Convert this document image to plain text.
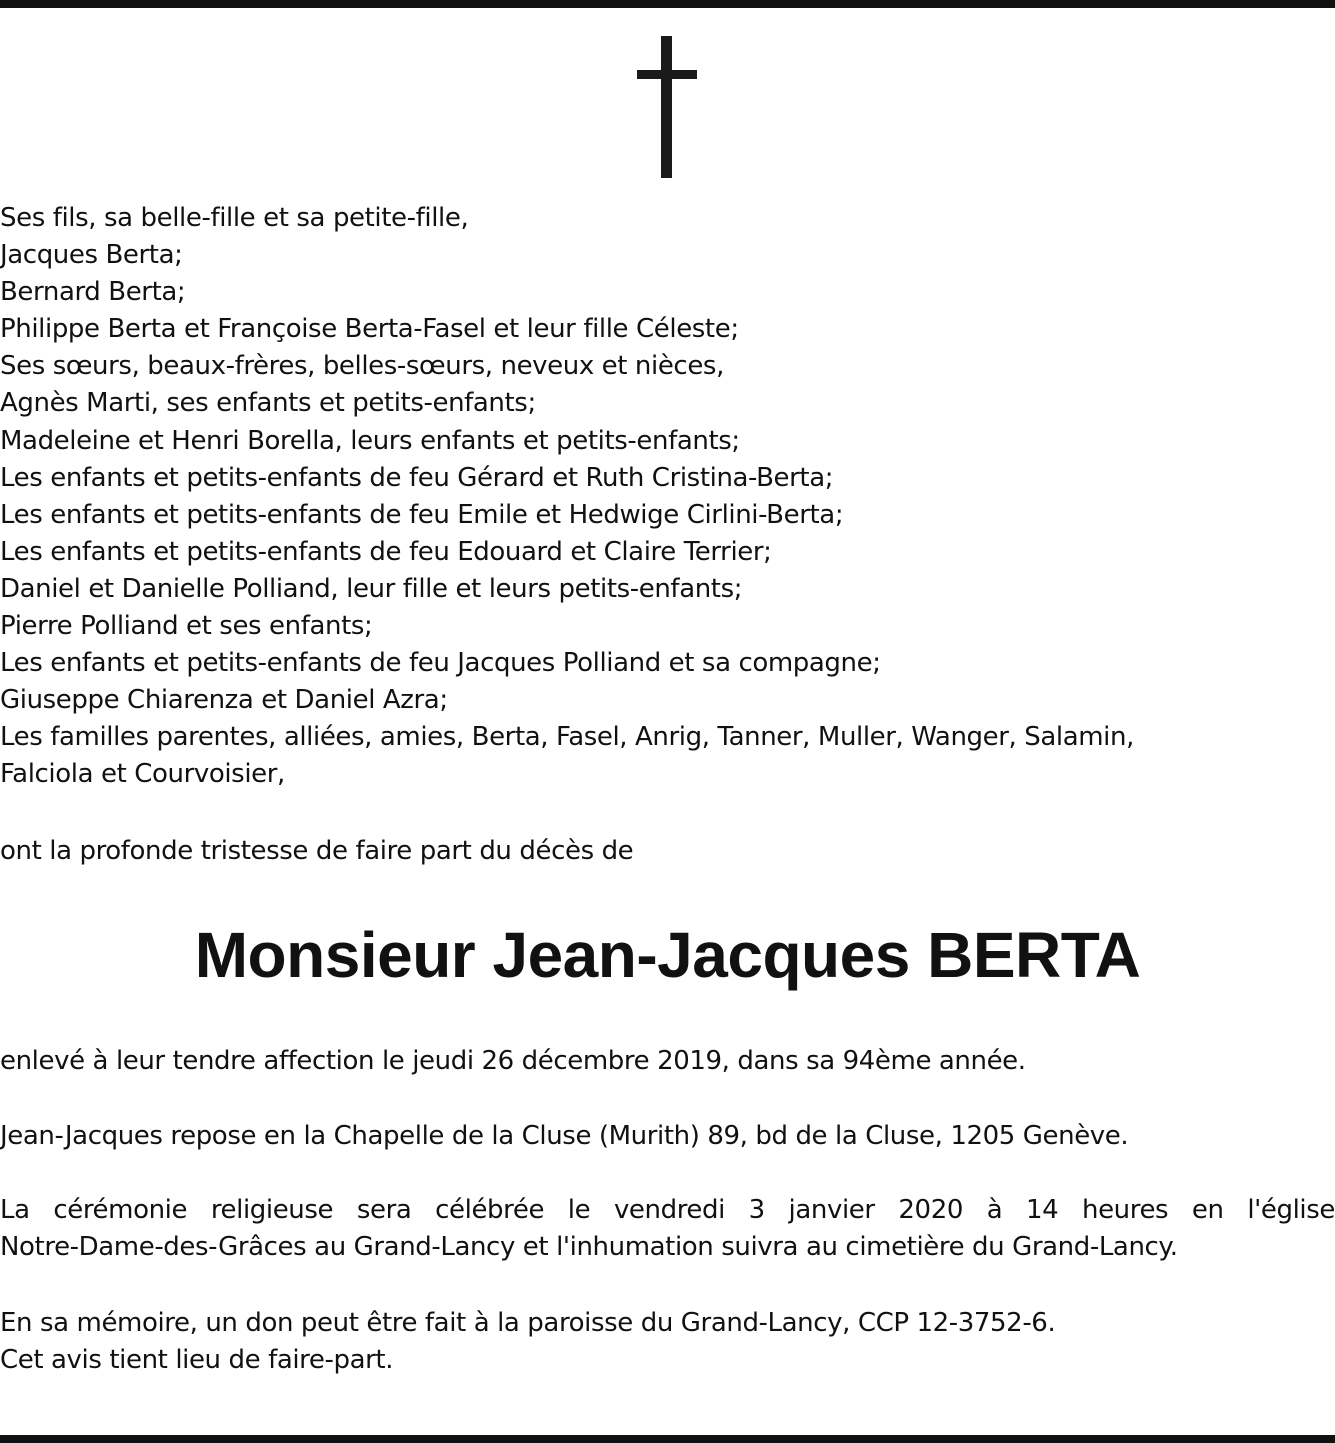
Ses fils, sa belle-fille et sa petite-fille,
Jacques Berta;
Bernard Berta;
Philippe Berta et Françoise Berta-Fasel et leur fille Céleste;
Ses sœurs, beaux-frères, belles-sœurs, neveux et nièces,
Agnès Marti, ses enfants et petits-enfants;
Madeleine et Henri Borella, leurs enfants et petits-enfants;
Les enfants et petits-enfants de feu Gérard et Ruth Cristina-Berta;
Les enfants et petits-enfants de feu Emile et Hedwige Cirlini-Berta;
Les enfants et petits-enfants de feu Edouard et Claire Terrier;
Daniel et Danielle Polliand, leur fille et leurs petits-enfants;
Pierre Polliand et ses enfants;
Les enfants et petits-enfants de feu Jacques Polliand et sa compagne;
Giuseppe Chiarenza et Daniel Azra;
Les familles parentes, alliées, amies, Berta, Fasel, Anrig, Tanner, Muller, Wanger, Salamin,
Falciola et Courvoisier,
ont la profonde tristesse de faire part du décès de
Monsieur Jean-Jacques BERTA
enlevé à leur tendre affection le jeudi 26 décembre 2019, dans sa 94ème année.
Jean-Jacques repose en la Chapelle de la Cluse (Murith) 89, bd de la Cluse, 1205 Genève.
La cérémonie religieuse sera célébrée le vendredi 3 janvier 2020 à 14 heures en l'église
Notre-Dame-des-Grâces au Grand-Lancy et l'inhumation suivra au cimetière du Grand-Lancy.
En sa mémoire, un don peut être fait à la paroisse du Grand-Lancy, CCP 12-3752-6.
Cet avis tient lieu de faire-part.
